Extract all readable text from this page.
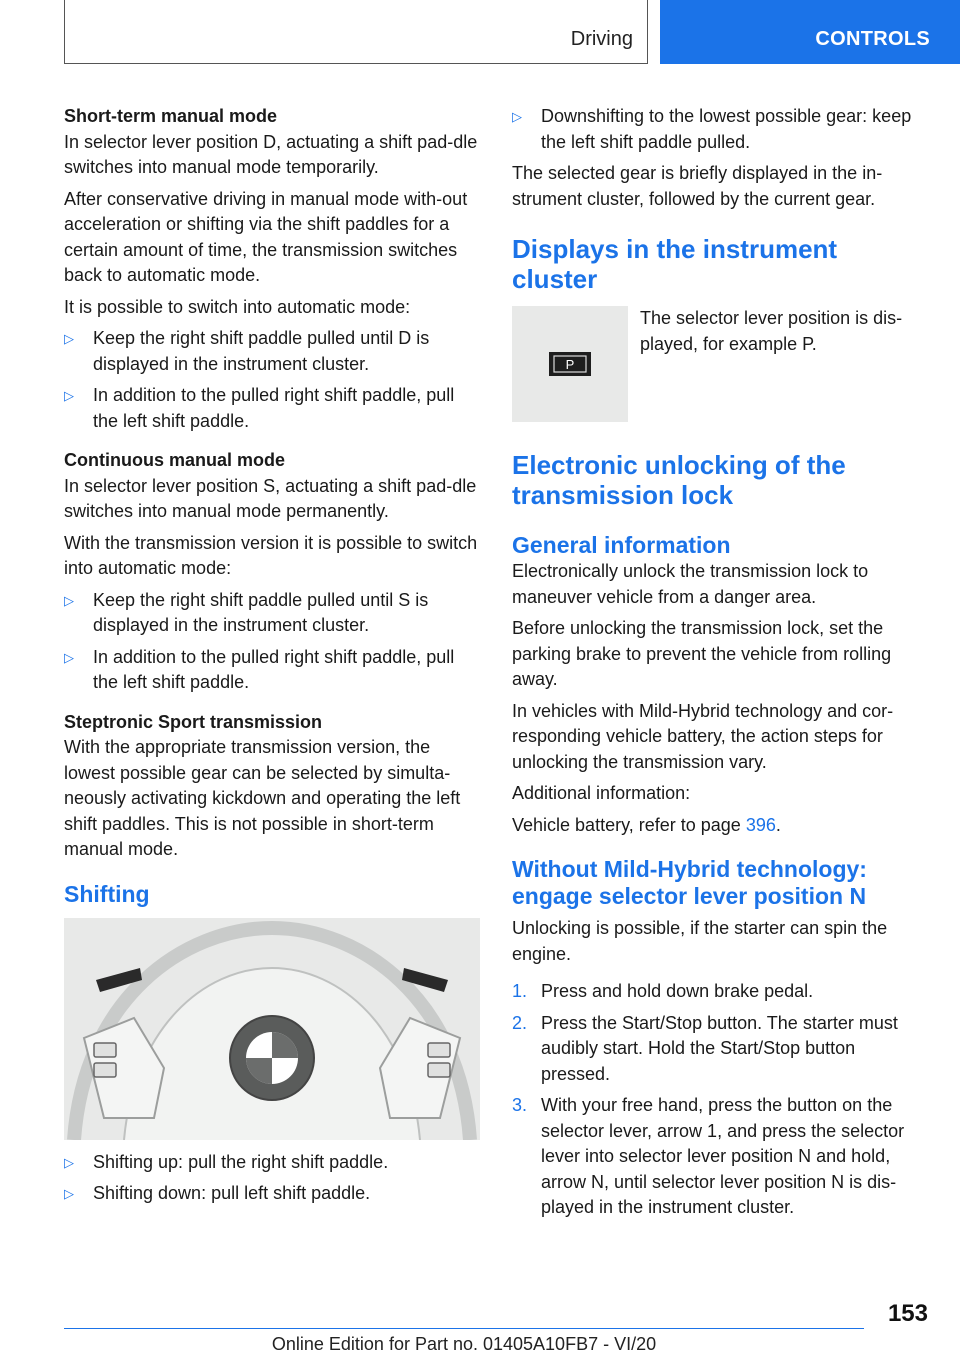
Driving	CONTROLS

Short-term manual mode

In selector lever position D, actuating a shift pad-dle switches into manual mode temporarily.

After conservative driving in manual mode with-out acceleration or shifting via the shift paddles for a certain amount of time, the transmission switches back to automatic mode.

It is possible to switch into automatic mode:

▷	Keep the right shift paddle pulled until D is displayed in the instrument cluster.
▷	In addition to the pulled right shift paddle, pull the left shift paddle.

Continuous manual mode

In selector lever position S, actuating a shift pad-dle switches into manual mode permanently.

With the transmission version it is possible to switch into automatic mode:

▷	Keep the right shift paddle pulled until S is displayed in the instrument cluster.
▷	In addition to the pulled right shift paddle, pull the left shift paddle.

Steptronic Sport transmission

With the appropriate transmission version, the lowest possible gear can be selected by simulta-neously activating kickdown and operating the left shift paddles. This is not possible in short-term manual mode.

Shifting
▷	Shifting up: pull the right shift paddle.
▷	Shifting down: pull left shift paddle.
▷	Downshifting to the lowest possible gear: keep the left shift paddle pulled.

The selected gear is briefly displayed in the in-strument cluster, followed by the current gear.

Displays in the instrument cluster
P
The selector lever position is dis-played, for example P.
Electronic unlocking of the transmission lock
General information

Electronically unlock the transmission lock to maneuver vehicle from a danger area.

Before unlocking the transmission lock, set the parking brake to prevent the vehicle from rolling away.

In vehicles with Mild-Hybrid technology and cor-responding vehicle battery, the action steps for unlocking the transmission vary.

Additional information:

Vehicle battery, refer to page 396.

Without Mild-Hybrid technology: engage selector lever position N

Unlocking is possible, if the starter can spin the engine.

1. Press and hold down brake pedal.
2. Press the Start/Stop button. The starter must audibly start. Hold the Start/Stop button pressed.
3. With your free hand, press the button on the selector lever, arrow 1, and press the selector lever into selector lever position N and hold, arrow N, until selector lever position N is dis-played in the instrument cluster.
153
Online Edition for Part no. 01405A10FB7 - VI/20
